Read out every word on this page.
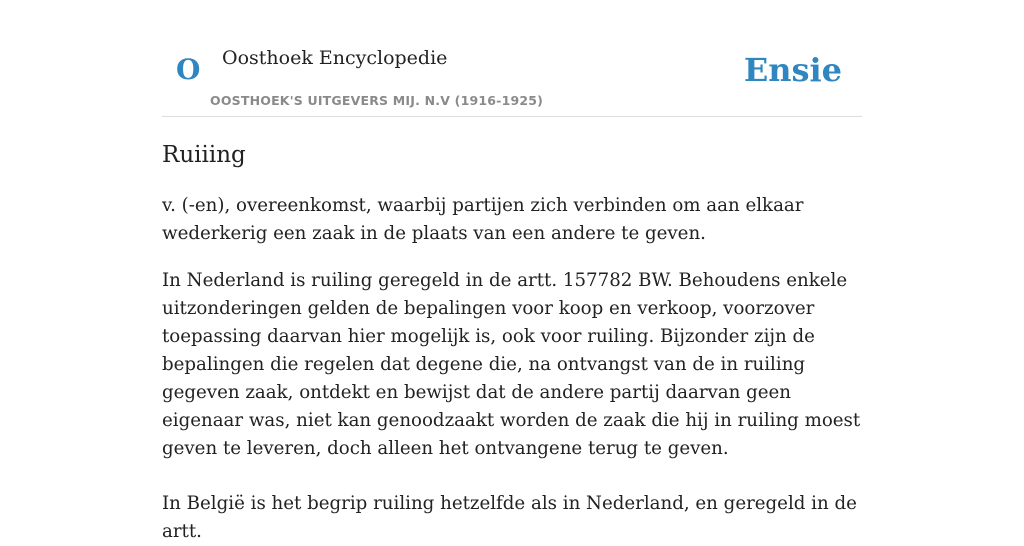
O Oosthoek Encyclopedie
OOSTHOEK'S UITGEVERS MIJ. N.V (1916-1925)
Ensie
Ruiiing

v. (-en), overeenkomst, waarbij partijen zich verbinden om aan elkaar wederkerig een zaak in de plaats van een andere te geven.

In Nederland is ruiling geregeld in de artt. 157782 BW. Behoudens enkele uitzonderingen gelden de bepalingen voor koop en verkoop, voorzover toepassing daarvan hier mogelijk is, ook voor ruiling. Bijzonder zijn de bepalingen die regelen dat degene die, na ontvangst van de in ruiling gegeven zaak, ontdekt en bewijst dat de andere partij daarvan geen eigenaar was, niet kan genoodzaakt worden de zaak die hij in ruiling moest geven te leveren, doch alleen het ontvangene terug te geven.

In België is het begrip ruiling hetzelfde als in Nederland, en geregeld in de artt.
